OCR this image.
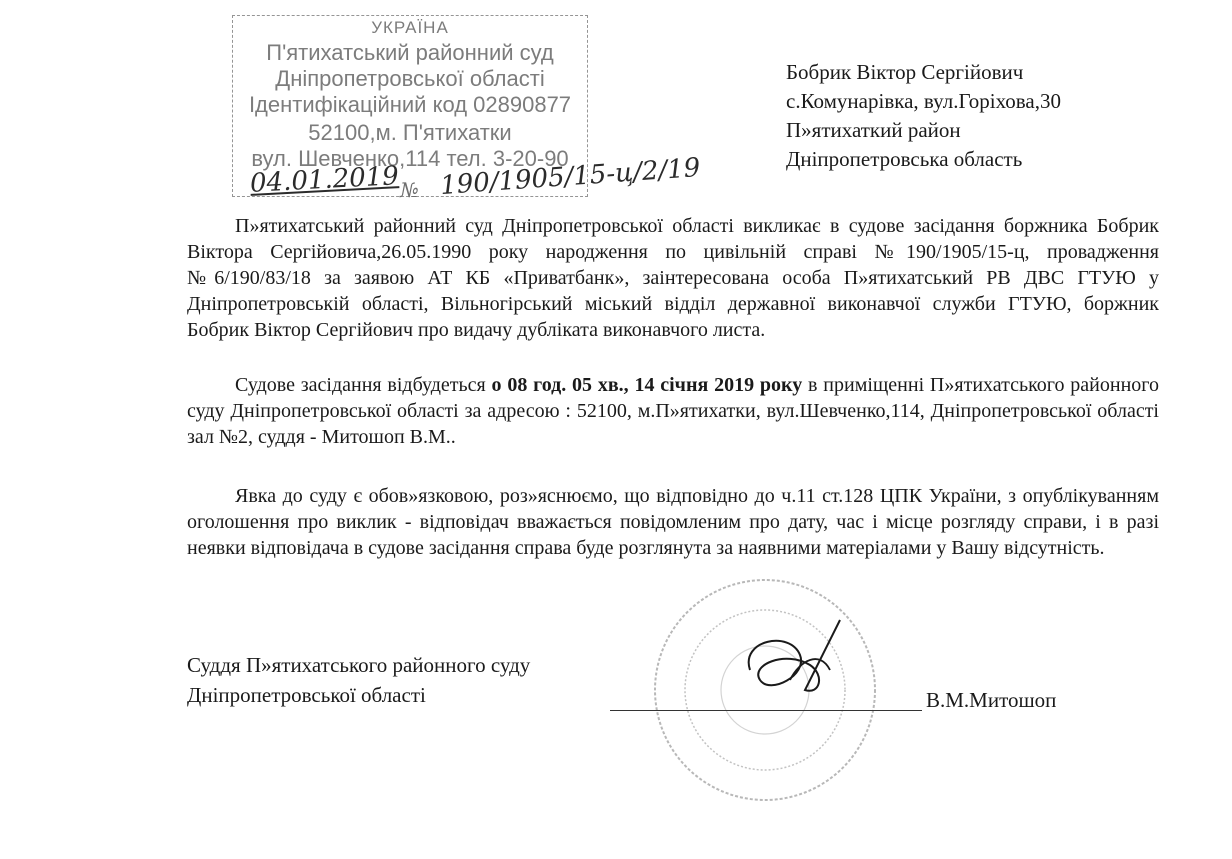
УКРАЇНА
П'ятихатський районний суд
Дніпропетровської області
Ідентифікаційний код 02890877
52100,м. П'ятихатки
вул. Шевченко,114 тел. 3-20-90
04.01.2019 № 190/1905/15-ц/2/19
Бобрик Віктор Сергійович
с.Комунарівка, вул.Горіхова,30
П»ятихаткий район
Дніпропетровська область
П»ятихатський районний суд Дніпропетровської області викликає в судове засідання боржника Бобрик Віктора Сергійовича,26.05.1990 року народження по цивільній справі №190/1905/15-ц, провадження №6/190/83/18 за заявою АТ КБ «Приватбанк», заінтересована особа П»ятихатський РВ ДВС ГТУЮ у Дніпропетровській області, Вільногірський міський відділ державної виконавчої служби ГТУЮ, боржник Бобрик Віктор Сергійович про видачу дубліката виконавчого листа.
Судове засідання відбудеться о 08 год. 05 хв., 14 січня 2019 року в приміщенні П»ятихатського районного суду Дніпропетровської області за адресою : 52100, м.П»ятихатки, вул.Шевченко,114, Дніпропетровської області зал №2, суддя - Митошоп В.М..
Явка до суду є обов»язковою, роз»яснюємо, що відповідно до ч.11 ст.128 ЦПК України, з опублікуванням оголошення про виклик - відповідач вважається повідомленим про дату, час і місце розгляду справи, і в разі неявки відповідача в судове засідання справа буде розглянута за наявними матеріалами у Вашу відсутність.
Суддя П»ятихатського районного суду
Дніпропетровської області	В.М.Митошоп
